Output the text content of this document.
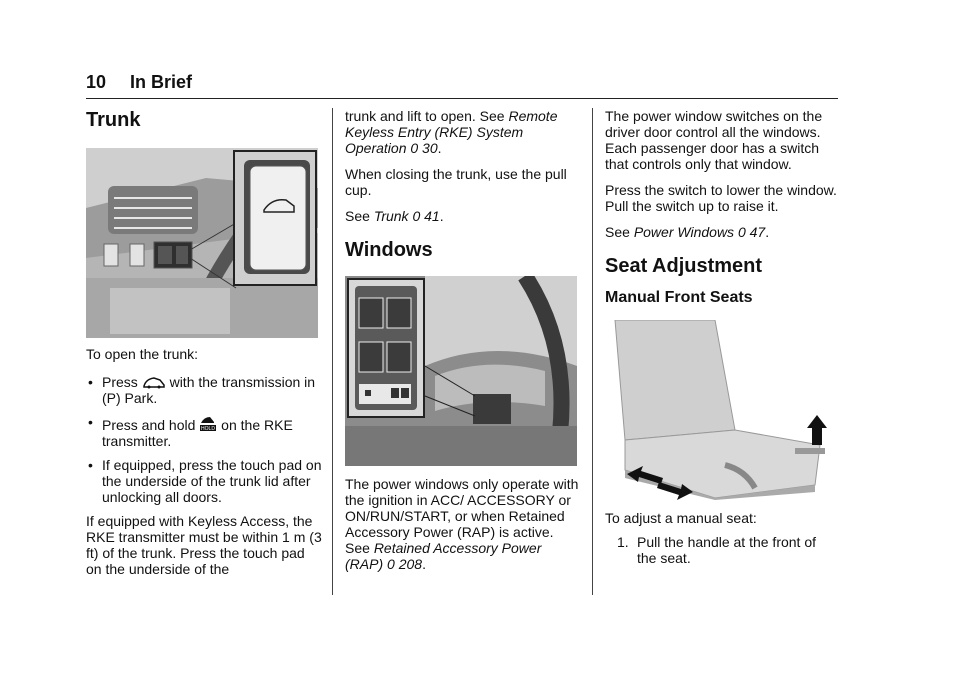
10 In Brief
Trunk

To open the trunk:

• Press  with the transmission in (P) Park.
• Press and hold HOLD on the RKE transmitter.
• If equipped, press the touch pad on the underside of the trunk lid after unlocking all doors.

If equipped with Keyless Access, the RKE transmitter must be within 1 m (3 ft) of the trunk. Press the touch pad on the underside of the

trunk and lift to open. See Remote Keyless Entry (RKE) System Operation 0 30.

When closing the trunk, use the pull cup.

See Trunk 0 41.

Windows

The power windows only operate with the ignition in ACC/ ACCESSORY or ON/RUN/START, or when Retained Accessory Power (RAP) is active. See Retained Accessory Power (RAP) 0 208.

The power window switches on the driver door control all the windows. Each passenger door has a switch that controls only that window.

Press the switch to lower the window. Pull the switch up to raise it.

See Power Windows 0 47.

Seat Adjustment
Manual Front Seats

To adjust a manual seat:

1. Pull the handle at the front of
the seat.
